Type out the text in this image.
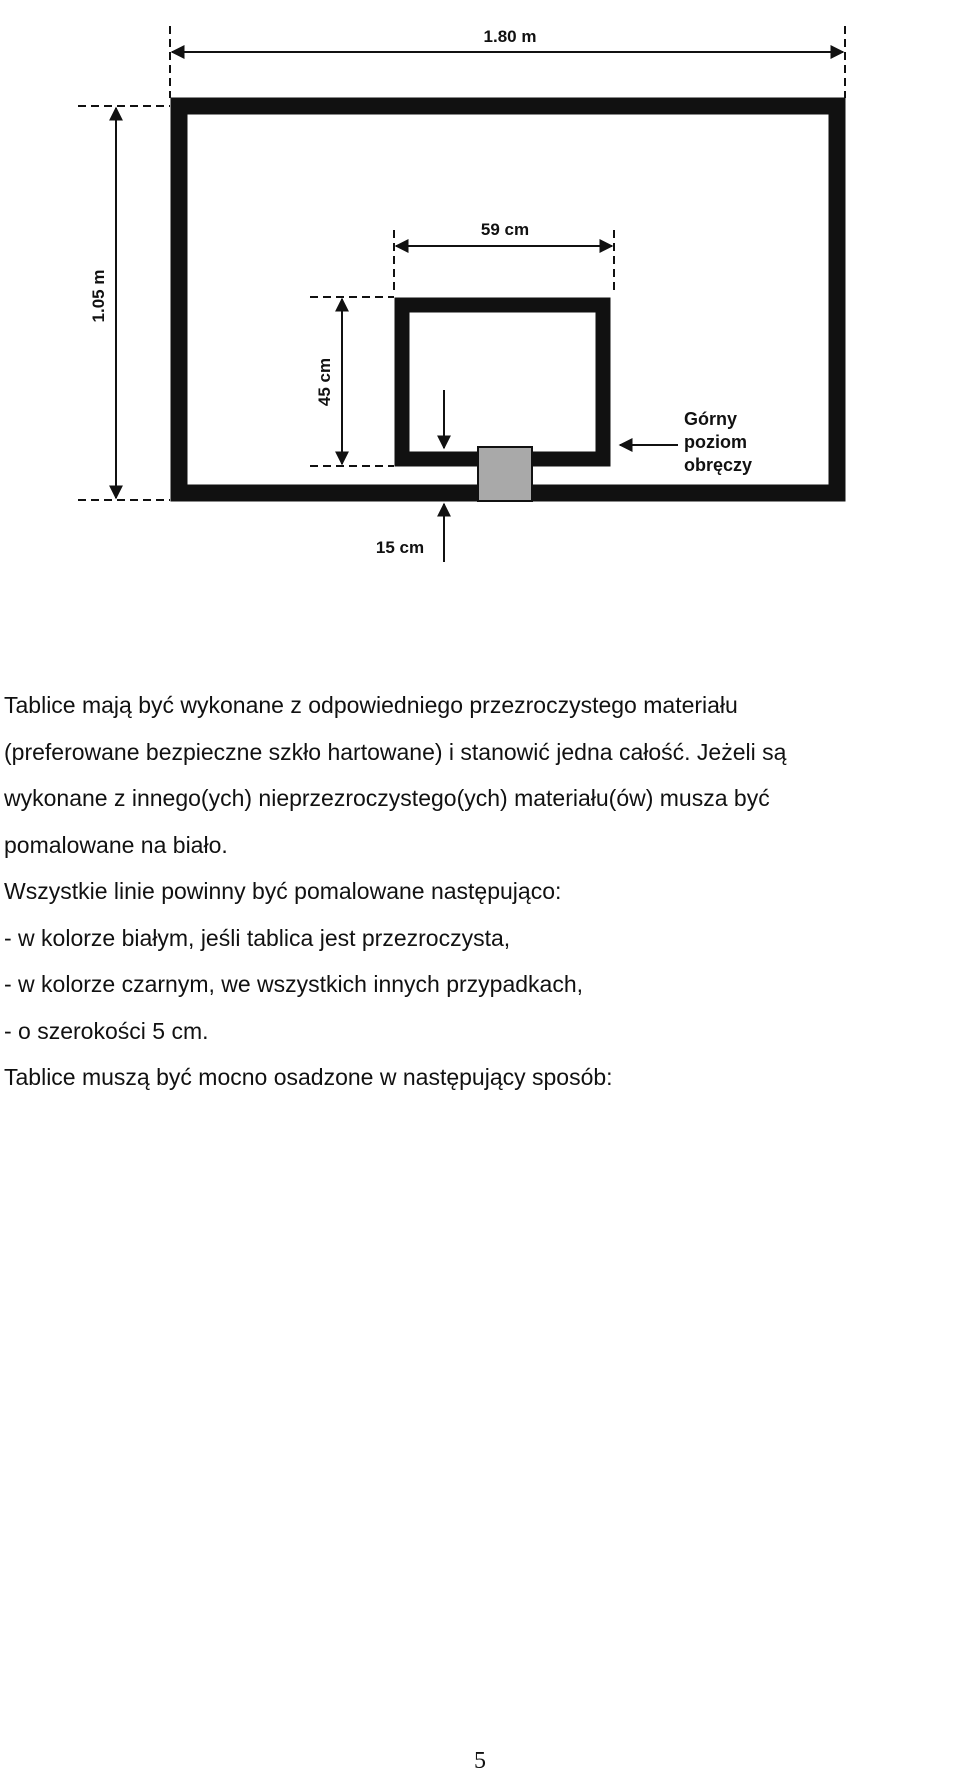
1.80 m
1.05 m
59 cm
45 cm
15 cm
Górny
poziom
obręczy

Tablice mają być wykonane z odpowiedniego przezroczystego materiału

(preferowane bezpieczne szkło hartowane) i stanowić jedna całość. Jeżeli są

wykonane z innego(ych) nieprzezroczystego(ych) materiału(ów) musza być

pomalowane na biało.

Wszystkie linie powinny być pomalowane następująco:

- w kolorze białym, jeśli tablica jest przezroczysta,

- w kolorze czarnym, we wszystkich innych przypadkach,

- o szerokości 5 cm.

Tablice muszą być mocno osadzone w następujący sposób:

5
